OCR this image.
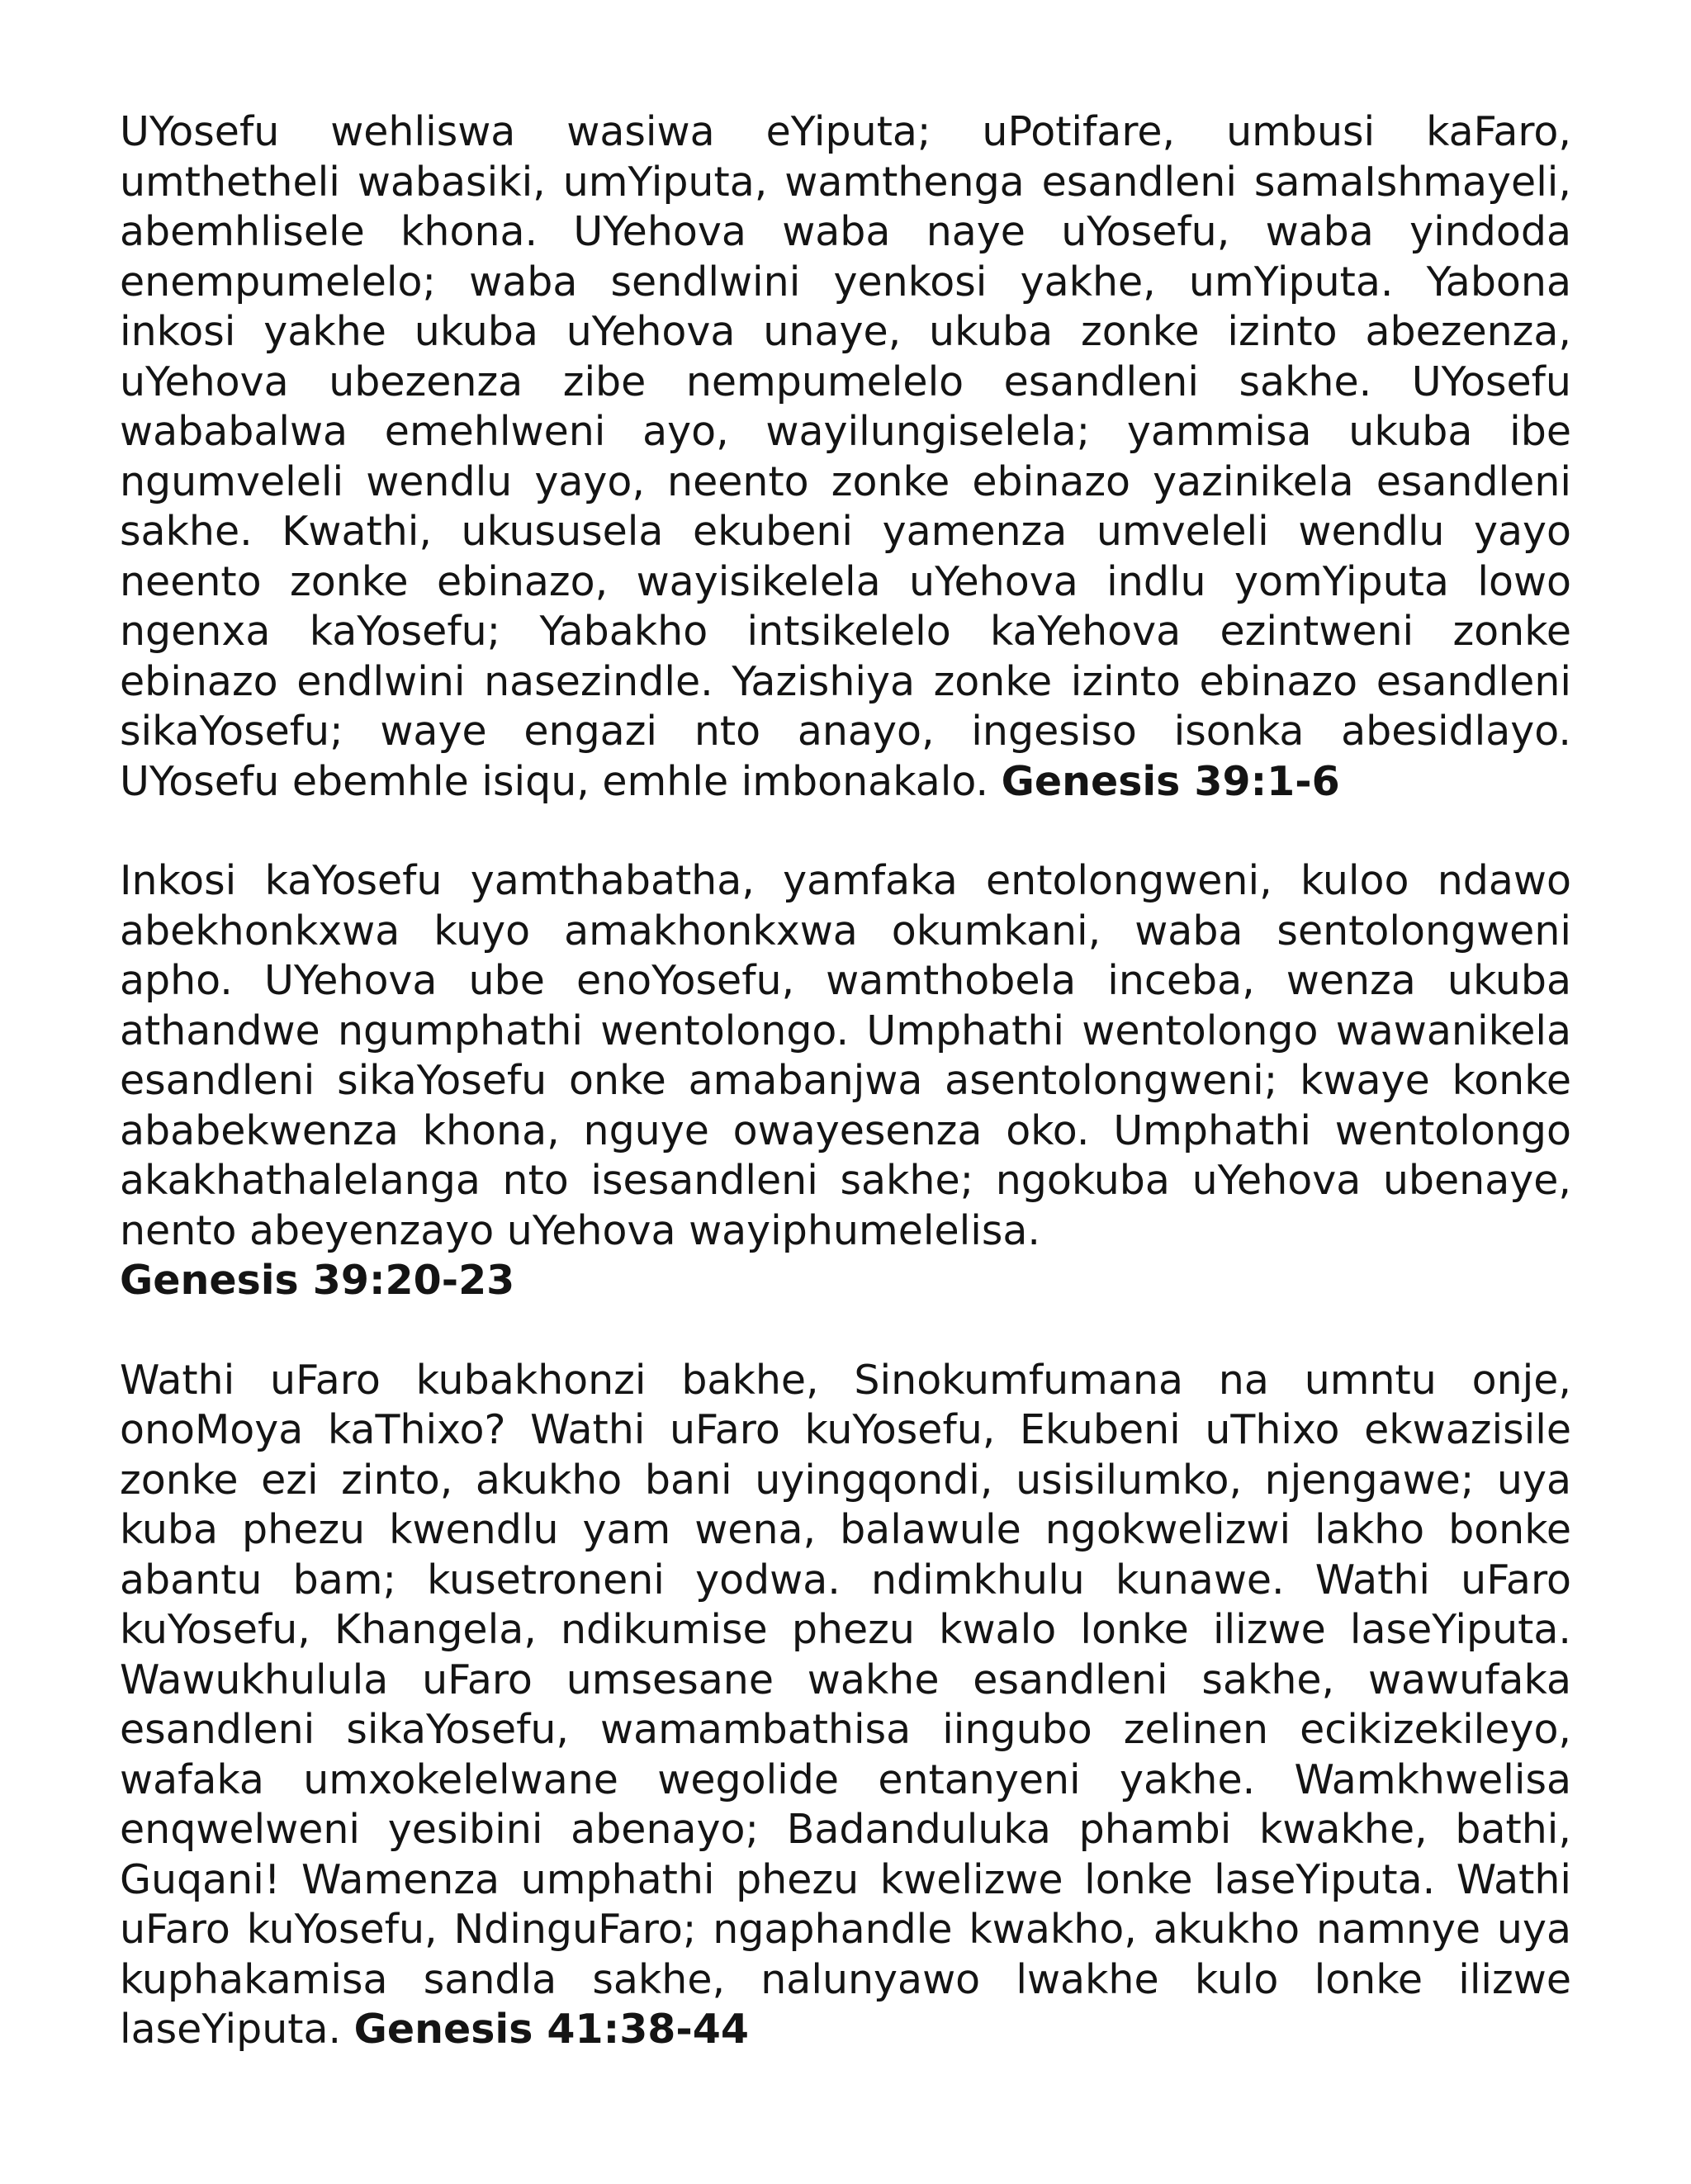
UYosefu wehliswa wasiwa eYiputa; uPotifare, umbusi kaFaro, umthetheli wabasiki, umYiputa, wamthenga esandleni samaIshmayeli, abemhlisele khona. UYehova waba naye uYosefu, waba yindoda enempumelelo; waba sendlwini yenkosi yakhe, umYiputa. Yabona inkosi yakhe ukuba uYehova unaye, ukuba zonke izinto abezenza, uYehova ubezenza zibe nempumelelo esandleni sakhe. UYosefu wababalwa emehlweni ayo, wayilungiselela; yammisa ukuba ibe ngumveleli wendlu yayo, neento zonke ebinazo yazinikela esandleni sakhe. Kwathi, ukususela ekubeni yamenza umveleli wendlu yayo neento zonke ebinazo, wayisikelela uYehova indlu yomYiputa lowo ngenxa kaYosefu; Yabakho intsikelelo kaYehova ezintweni zonke ebinazo endlwini nasezindle. Yazishiya zonke izinto ebinazo esandleni sikaYosefu; waye engazi nto anayo, ingesiso isonka abesidlayo. UYosefu ebemhle isiqu, emhle imbonakalo. Genesis 39:1-6

Inkosi kaYosefu yamthabatha, yamfaka entolongweni, kuloo ndawo abekhonkxwa kuyo amakhonkxwa okumkani, waba sentolongweni apho. UYehova ube enoYosefu, wamthobela inceba, wenza ukuba athandwe ngumphathi wentolongo. Umphathi wentolongo wawanikela esandleni sikaYosefu onke amabanjwa asentolongweni; kwaye konke ababekwenza khona, nguye owayesenza oko. Umphathi wentolongo akakhathalelanga nto isesandleni sakhe; ngokuba uYehova ubenaye, nento abeyenzayo uYehova wayiphumelelisa.
Genesis 39:20-23

Wathi uFaro kubakhonzi bakhe, Sinokumfumana na umntu onje, onoMoya kaThixo? Wathi uFaro kuYosefu, Ekubeni uThixo ekwazisile zonke ezi zinto, akukho bani uyingqondi, usisilumko, njengawe; uya kuba phezu kwendlu yam wena, balawule ngokwelizwi lakho bonke abantu bam; kusetroneni yodwa. ndimkhulu kunawe. Wathi uFaro kuYosefu, Khangela, ndikumise phezu kwalo lonke ilizwe laseYiputa. Wawukhulula uFaro umsesane wakhe esandleni sakhe, wawufaka esandleni sikaYosefu, wamambathisa iingubo zelinen ecikizekileyo, wafaka umxokelelwane wegolide entanyeni yakhe. Wamkhwelisa enqwelweni yesibini abenayo; Badanduluka phambi kwakhe, bathi, Guqani! Wamenza umphathi phezu kwelizwe lonke laseYiputa. Wathi uFaro kuYosefu, NdinguFaro; ngaphandle kwakho, akukho namnye uya kuphakamisa sandla sakhe, nalunyawo lwakhe kulo lonke ilizwe laseYiputa. Genesis 41:38-44
